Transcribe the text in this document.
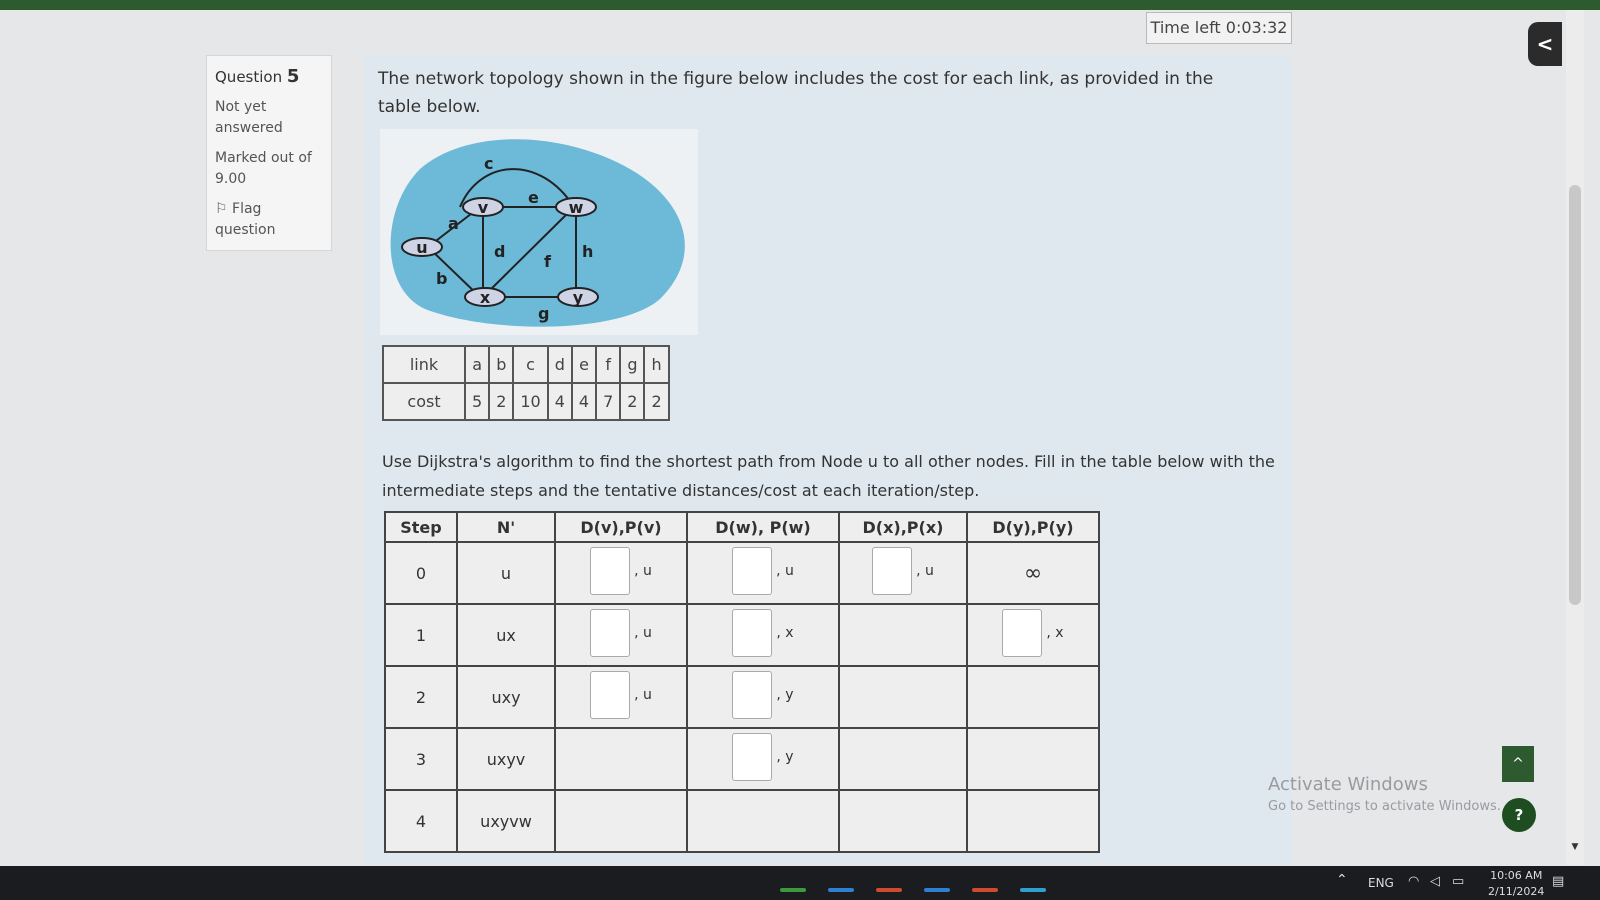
Time left 0:03:32
<
▼
Question 5
Not yet answered
Marked out of 9.00
⚐ Flag question
The network topology shown in the figure below includes the cost for each link, as provided in the table below.
u
v	w
x	y
a
b
c
d
e
f
g
h
link	a	b	c	d	e	f	g	h
cost	5	2	10	4	4	7	2	2
Use Dijkstra's algorithm to find the shortest path from Node u to all other nodes. Fill in the table below with the intermediate steps and the tentative distances/cost at each iteration/step.
Step	N'	D(v),P(v)	D(w), P(w)	D(x),P(x)	D(y),P(y)
0	u	, u	, u	, u	∞
1	ux	, u	, x		, x

2	uxy	, u	, y		

3	uxyv		, y		

4	uxyvw				
Activate Windows
Go to Settings to activate Windows.
^
?
⌃ ENG ◠ ◁ ▭ 10:06 AM
2/11/2024
▤
